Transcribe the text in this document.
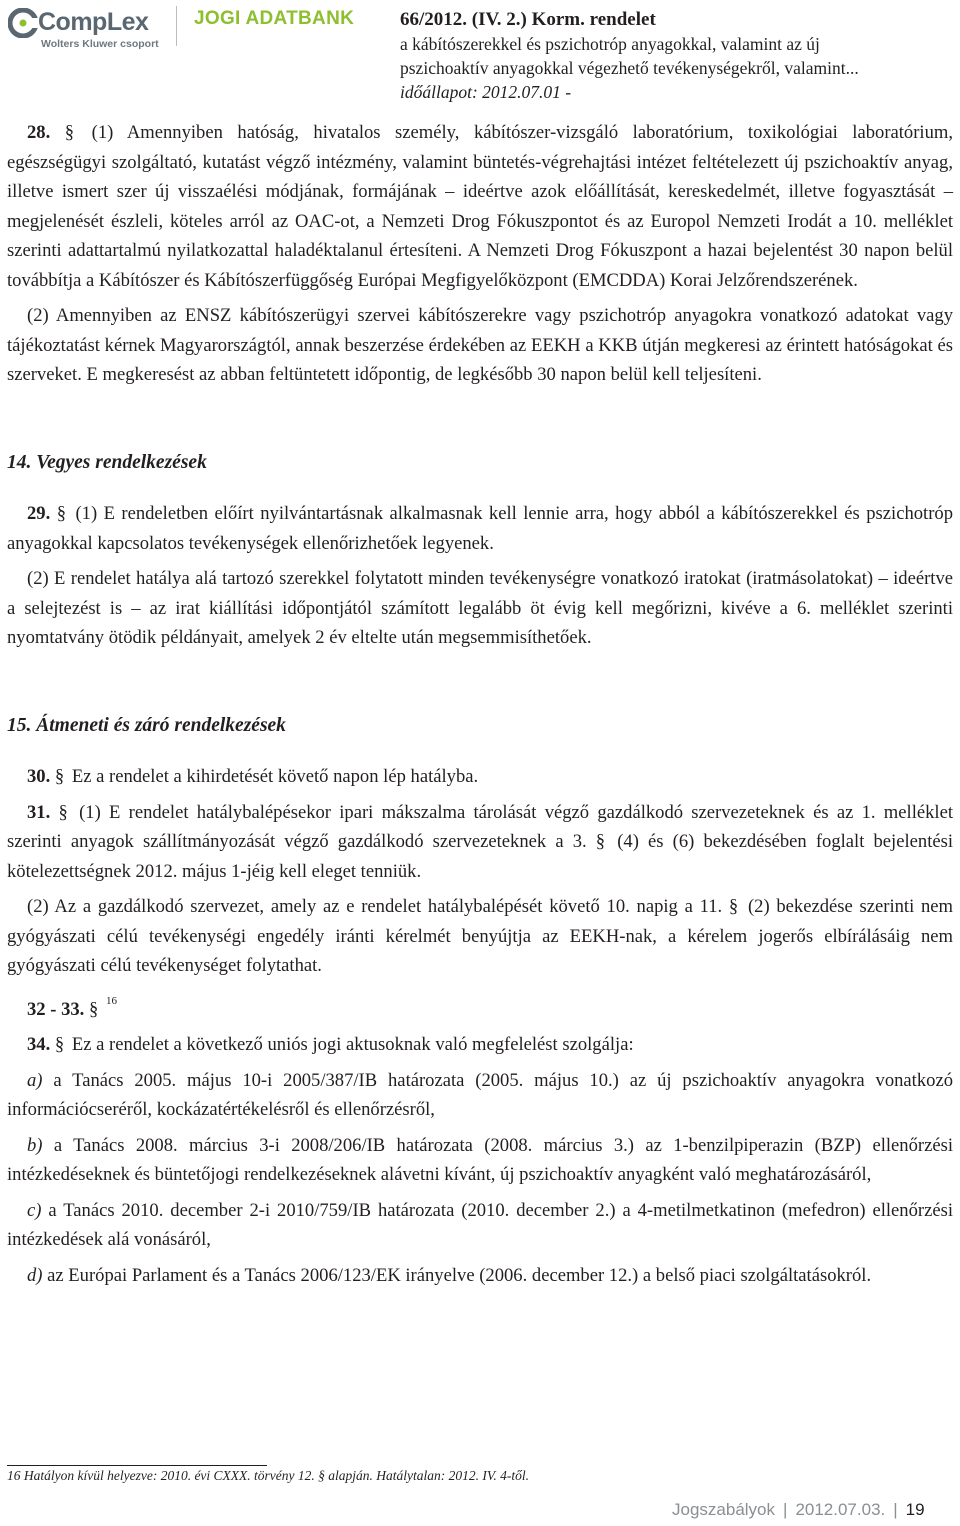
CompLex
Wolters Kluwer csoport
JOGI ADATBANK 66/2012. (IV. 2.) Korm. rendelet
a kábítószerekkel és pszichotróp anyagokkal, valamint az új
pszichoaktív anyagokkal végezhető tevékenységekről, valamint...
időállapot: 2012.07.01 -

28. § (1) Amennyiben hatóság, hivatalos személy, kábítószer-vizsgáló laboratórium, toxikológiai laboratórium, egészségügyi szolgáltató, kutatást végző intézmény, valamint büntetés-végrehajtási intézet feltételezett új pszichoaktív anyag, illetve ismert szer új visszaélési módjának, formájának – ideértve azok előállítását, kereskedelmét, illetve fogyasztását – megjelenését észleli, köteles arról az OAC-ot, a Nemzeti Drog Fókuszpontot és az Europol Nemzeti Irodát a 10. melléklet szerinti adattartalmú nyilatkozattal haladéktalanul értesíteni. A Nemzeti Drog Fókuszpont a hazai bejelentést 30 napon belül továbbítja a Kábítószer és Kábítószerfüggőség Európai Megfigyelőközpont (EMCDDA) Korai Jelzőrendszerének.

(2) Amennyiben az ENSZ kábítószerügyi szervei kábítószerekre vagy pszichotróp anyagokra vonatkozó adatokat vagy tájékoztatást kérnek Magyarországtól, annak beszerzése érdekében az EEKH a KKB útján megkeresi az érintett hatóságokat és szerveket. E megkeresést az abban feltüntetett időpontig, de legkésőbb 30 napon belül kell teljesíteni.

14. Vegyes rendelkezések

29. § (1) E rendeletben előírt nyilvántartásnak alkalmasnak kell lennie arra, hogy abból a kábítószerekkel és pszichotróp anyagokkal kapcsolatos tevékenységek ellenőrizhetőek legyenek.

(2) E rendelet hatálya alá tartozó szerekkel folytatott minden tevékenységre vonatkozó iratokat (iratmásolatokat) – ideértve a selejtezést is – az irat kiállítási időpontjától számított legalább öt évig kell megőrizni, kivéve a 6. melléklet szerinti nyomtatvány ötödik példányait, amelyek 2 év eltelte után megsemmisíthetőek.

15. Átmeneti és záró rendelkezések

30. § Ez a rendelet a kihirdetését követő napon lép hatályba.

31. § (1) E rendelet hatálybalépésekor ipari mákszalma tárolását végző gazdálkodó szervezeteknek és az 1. melléklet szerinti anyagok szállítmányozását végző gazdálkodó szervezeteknek a 3. § (4) és (6) bekezdésében foglalt bejelentési kötelezettségnek 2012. május 1-jéig kell eleget tenniük.

(2) Az a gazdálkodó szervezet, amely az e rendelet hatálybalépését követő 10. napig a 11. § (2) bekezdése szerinti nem gyógyászati célú tevékenységi engedély iránti kérelmét benyújtja az EEKH-nak, a kérelem jogerős elbírálásáig nem gyógyászati célú tevékenységet folytathat.

32 - 33. § $^{16}$

34. § Ez a rendelet a következő uniós jogi aktusoknak való megfelelést szolgálja:

a) a Tanács 2005. május 10-i 2005/387/IB határozata (2005. május 10.) az új pszichoaktív anyagokra vonatkozó információcseréről, kockázatértékelésről és ellenőrzésről,

b) a Tanács 2008. március 3-i 2008/206/IB határozata (2008. március 3.) az 1-benzilpiperazin (BZP) ellenőrzési intézkedéseknek és büntetőjogi rendelkezéseknek alávetni kívánt, új pszichoaktív anyagként való meghatározásáról,

c) a Tanács 2010. december 2-i 2010/759/IB határozata (2010. december 2.) a 4-metilmetkatinon (mefedron) ellenőrzési intézkedések alá vonásáról,

d) az Európai Parlament és a Tanács 2006/123/EK irányelve (2006. december 12.) a belső piaci szolgáltatásokról.

16 Hatályon kívül helyezve: 2010. évi CXXX. törvény 12. § alapján. Hatálytalan: 2012. IV. 4-től.
Jogszabályok | 2012.07.03. | 19
